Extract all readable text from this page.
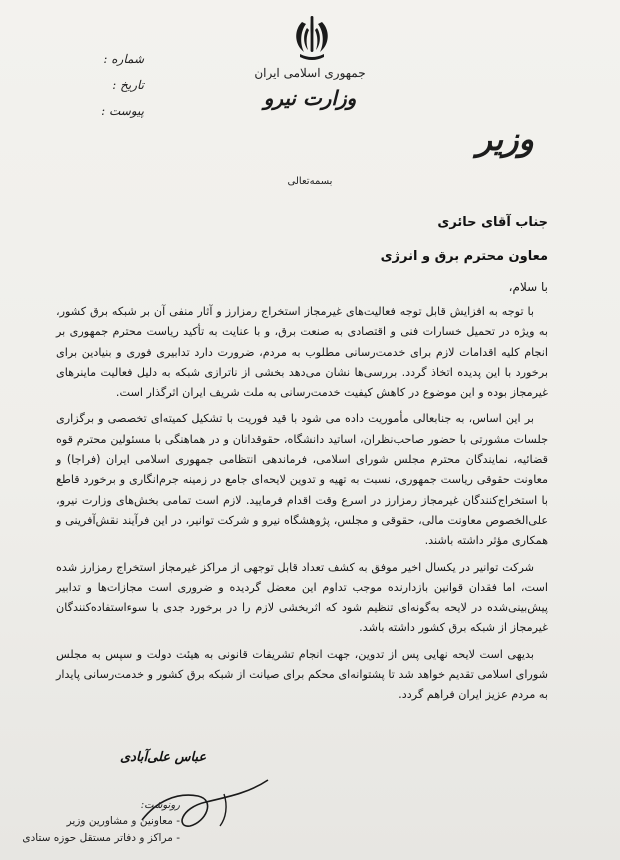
جمهوری اسلامی ایران
وزارت نیرو
شماره :
تاریخ :
پیوست :
وزیر
بسمه‌تعالی
جناب آقای حائری
معاون محترم برق و انرژی
با سلام،

با توجه به افزایش قابل توجه فعالیت‌های غیرمجاز استخراج رمزارز و آثار منفی آن بر شبکه برق کشور، به ویژه در تحمیل خسارات فنی و اقتصادی به صنعت برق، و با عنایت به تأکید ریاست محترم جمهوری بر انجام کلیه اقدامات لازم برای خدمت‌رسانی مطلوب به مردم، ضرورت دارد تدابیری فوری و بنیادین برای برخورد با این پدیده اتخاذ گردد. بررسی‌ها نشان می‌دهد بخشی از ناترازی شبکه به دلیل فعالیت ماینرهای غیرمجاز بوده و این موضوع در کاهش کیفیت خدمت‌رسانی به ملت شریف ایران اثرگذار است.

بر این اساس، به جنابعالی مأموریت داده می شود با قید فوریت با تشکیل کمیته‌ای تخصصی و برگزاری جلسات مشورتی با حضور صاحب‌نظران، اساتید دانشگاه، حقوقدانان و در هماهنگی با مسئولین محترم قوه قضائیه، نمایندگان محترم مجلس شورای اسلامی، فرماندهی انتظامی جمهوری اسلامی ایران (فراجا) و معاونت حقوقی ریاست جمهوری، نسبت به تهیه و تدوین لایحه‌ای جامع در زمینه جرم‌انگاری و برخورد قاطع با استخراج‌کنندگان غیرمجاز رمزارز در اسرع وقت اقدام فرمایید. لازم است تمامی بخش‌های وزارت نیرو، علی‌الخصوص معاونت مالی، حقوقی و مجلس، پژوهشگاه نیرو و شرکت توانیر، در این فرآیند نقش‌آفرینی و همکاری مؤثر داشته باشند.

شرکت توانیر در یکسال اخیر موفق به کشف تعداد قابل توجهی از مراکز غیرمجاز استخراج رمزارز شده است، اما فقدان قوانین بازدارنده موجب تداوم این معضل گردیده و ضروری است مجازات‌ها و تدابیر پیش‌بینی‌شده در لایحه به‌گونه‌ای تنظیم شود که اثربخشی لازم را در برخورد جدی با سوءاستفاده‌کنندگان غیرمجاز از شبکه برق کشور داشته باشد.

بدیهی است لایحه نهایی پس از تدوین، جهت انجام تشریفات قانونی به هیئت دولت و سپس به مجلس شورای اسلامی تقدیم خواهد شد تا پشتوانه‌ای محکم برای صیانت از شبکه برق کشور و خدمت‌رسانی پایدار به مردم عزیز ایران فراهم گردد.

عباس علی‌آبادی
رونوشت:
- معاونین و مشاورین وزیر
- مراکز و دفاتر مستقل حوزه ستادی
